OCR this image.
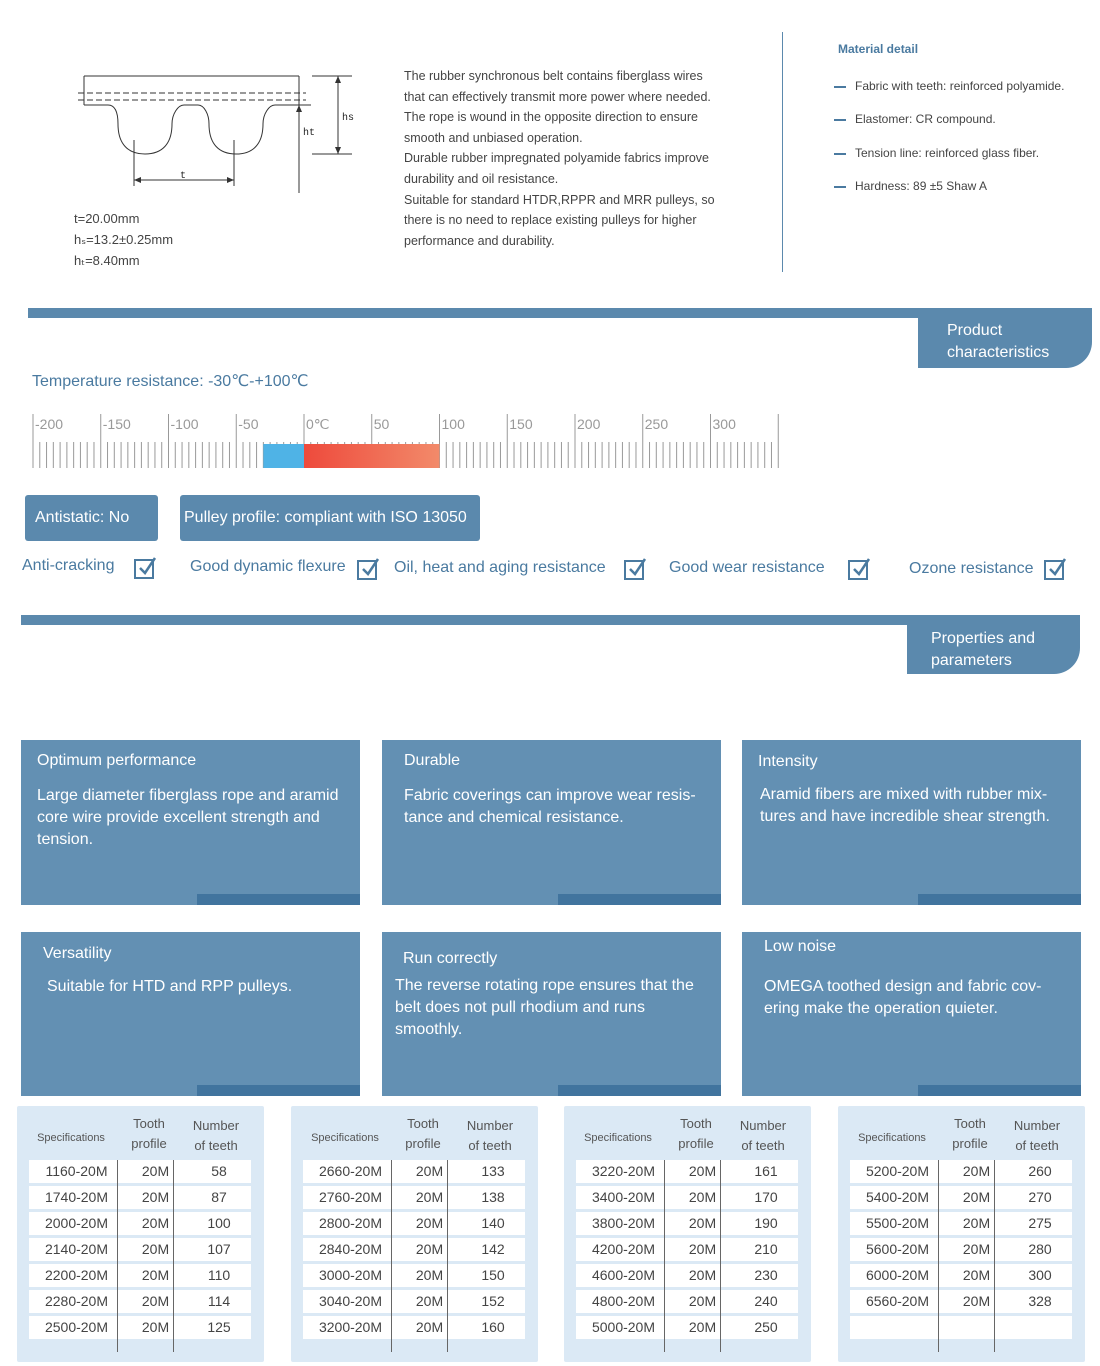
hs
ht
t
t=20.00mm
hₛ=13.2±0.25mm
hₜ=8.40mm
The rubber synchronous belt contains fiberglass wires
that can effectively transmit more power where needed.
The rope is wound in the opposite direction to ensure
smooth and unbiased operation.
Durable rubber impregnated polyamide fabrics improve
durability and oil resistance.
Suitable for standard HTDR,RPPR and MRR pulleys, so
there is no need to replace existing pulleys for higher
performance and durability.
Material detail
Fabric with teeth: reinforced polyamide.
Elastomer: CR compound.
Tension line: reinforced glass fiber.
Hardness: 89 ±5 Shaw A
Product
characteristics
Temperature resistance: -30℃-+100℃
-200	-150	-100	-50	0℃	50	100	150	200	250	300
Antistatic: No	Pulley profile: compliant with ISO 13050
Anti-cracking	Good dynamic flexure	Oil, heat and aging resistance	Good wear resistance	Ozone resistance
Properties and
parameters
Optimum performance
Large diameter fiberglass rope and aramid
core wire provide excellent strength and
tension.
Durable
Fabric coverings can improve wear resis-
tance and chemical resistance.
Intensity
Aramid fibers are mixed with rubber mix-
tures and have incredible shear strength.
Versatility
Suitable for HTD and RPP pulleys.
Run correctly
The reverse rotating rope ensures that the
belt does not pull rhodium and runs
smoothly.
Low noise
OMEGA toothed design and fabric cov-
ering make the operation quieter.
Specifications
Tooth
profile
Number
of teeth
1160-20M	20M	58
1740-20M	20M	87
2000-20M	20M	100
2140-20M	20M	107
2200-20M	20M	110
2280-20M	20M	114
2500-20M	20M	125
Specifications
Tooth
profile
Number
of teeth
2660-20M	20M	133
2760-20M	20M	138
2800-20M	20M	140
2840-20M	20M	142
3000-20M	20M	150
3040-20M	20M	152
3200-20M	20M	160
Specifications
Tooth
profile
Number
of teeth
3220-20M	20M	161
3400-20M	20M	170
3800-20M	20M	190
4200-20M	20M	210
4600-20M	20M	230
4800-20M	20M	240
5000-20M	20M	250
Specifications
Tooth
profile
Number
of teeth
5200-20M	20M	260
5400-20M	20M	270
5500-20M	20M	275
5600-20M	20M	280
6000-20M	20M	300
6560-20M	20M	328
